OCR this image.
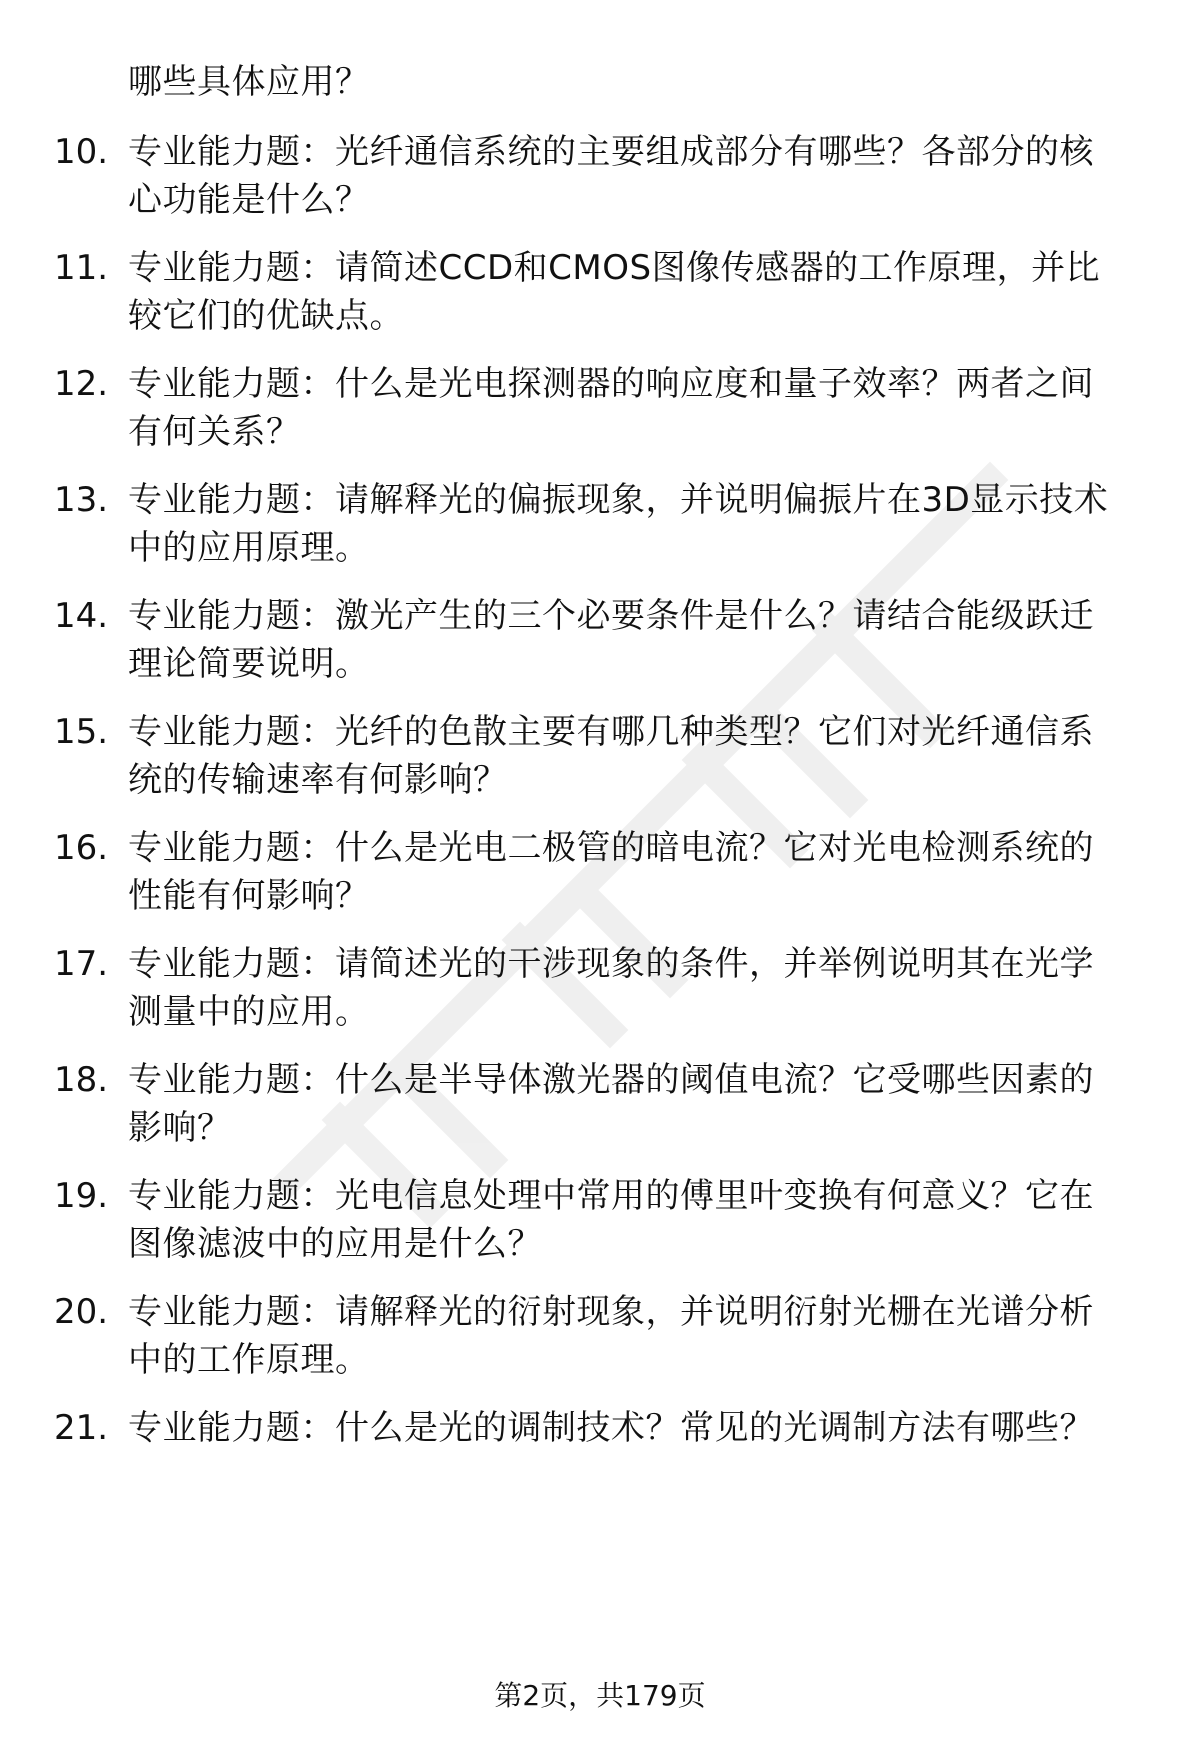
哪些具体应用？
10. 专业能力题：光纤通信系统的主要组成部分有哪些？各部分的核
心功能是什么？
11. 专业能力题：请简述CCD和CMOS图像传感器的工作原理，并比
较它们的优缺点。
12. 专业能力题：什么是光电探测器的响应度和量子效率？两者之间
有何关系？
13. 专业能力题：请解释光的偏振现象，并说明偏振片在3D显示技术
中的应用原理。
14. 专业能力题：激光产生的三个必要条件是什么？请结合能级跃迁
理论简要说明。
15. 专业能力题：光纤的色散主要有哪几种类型？它们对光纤通信系
统的传输速率有何影响？
16. 专业能力题：什么是光电二极管的暗电流？它对光电检测系统的
性能有何影响？
17. 专业能力题：请简述光的干涉现象的条件，并举例说明其在光学
测量中的应用。
18. 专业能力题：什么是半导体激光器的阈值电流？它受哪些因素的
影响？
19. 专业能力题：光电信息处理中常用的傅里叶变换有何意义？它在
图像滤波中的应用是什么？
20. 专业能力题：请解释光的衍射现象，并说明衍射光栅在光谱分析
中的工作原理。
21. 专业能力题：什么是光的调制技术？常见的光调制方法有哪些？
第2页，共179页
